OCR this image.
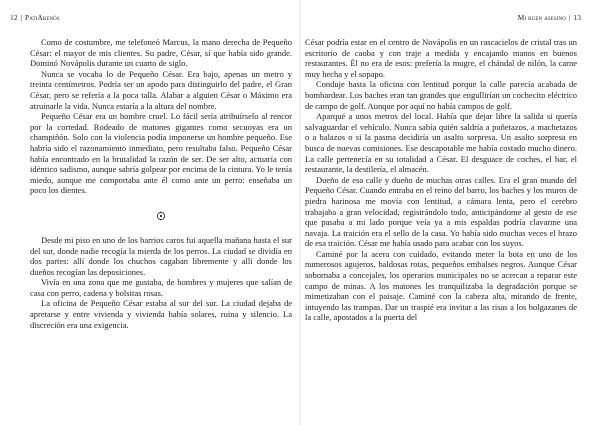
12 | PatiArenós

Como de costumbre, me telefoneó Marcus, la mano derecha de Pequeño César: el mayor de mis clientes. Su padre, César, sí que había sido grande. Dominó Novápolis durante un cuarto de siglo.

Nunca se vocaba lo de Pequeño César. Era bajo, apenas un metro y treinta centímetros. Podría ser un apodo para distinguirlo del padre, el Gran César, pero se refería a la poca talla. Alabar a alguien César o Máximo era atruinarle la vida. Nunca estaría a la altura del nombre.

Pequeño César era un hombre cruel. Lo fácil sería atribuírselo al rencor por la cortedad. Rodeado de matones gigantes como secuoyas era un champiñón. Solo con la violencia podía imponerse un hombre pequeño. Ese habría sido el razonamiento inmediato, pero resultaba falso. Pequeño César había encontrado en la brutalidad la razón de ser. De ser alto, actuaría con idéntico sadismo, aunque sabría golpear por encima de la cintura. Yo le tenía miedo, aunque me comportaba ante él como ante un perro: enseñaba un poco los dientes.

Desde mi piso en uno de los barrios caros fui aquella mañana hasta el sur del sur, donde nadie recogía la mierda de los perros. La ciudad se dividía en dos partes: allí donde los chuchos cagaban libremente y allí donde los dueños recogían las deposiciones.

Vivía en una zona que me gustaba, de hombres y mujeres que salían de casa con perro, cadena y bolsitas rosas.

La oficina de Pequeño César estaba al sur del sur. La ciudad dejaba de apretarse y entre vivienda y vivienda había solares, ruina y silencio. La discreción era una exigencia.

Mi buen asesino | 13

César podría estar en el centro de Novápolis en un rascacielos de cristal tras un escritorio de caoba y con traje a medida y encajando manos en buenos restaurantes. Él no era de esos: prefería la mugre, el chándal de nilón, la carne muy hecha y el sopapo.

Conduje hasta la oficina con lentitud porque la calle parecía acabada de bombardear. Los baches eran tan grandes que engullirían un cochecito eléctrico de campo de golf. Aunque por aquí no había campos de golf.

Aparqué a unos metros del local. Había que dejar libre la salida si quería salvaguardar el vehículo. Nunca sabía quién saldría a puñetazos, a machetazos o a balazos o si la pasma decidiría un asalto sorpresa. Un asalto sorpresa en busca de nuevas comisiones. Ese descapotable me había costado mucho dinero. La calle pertenecía en su totalidad a César. El desguace de coches, el bar, el restaurante, la destilería, el almacén.

Dueño de esa calle y dueño de muchas otras calles. Era el gran mundo del Pequeño César. Cuando entraba en el reino del barro, los baches y los muros de piedra harinosa me movía con lentitud, a cámara lenta, pero el cerebro trabajaba a gran velocidad, registrándolo todo, anticipándome al gesto de ese que pasaba a mi lado porque veía ya a mis espaldas podría clavarme una navaja. La traición era el sello de la casa. Yo había sido muchas veces el brazo de esa traición. César me había usado para acabar con los suyos.

Caminé por la acera con cuidado, evitando meter la bota en uno de los numerosos agujeros, baldosas rotas, pequeños embalses negros. Aunque César sobornaba a concejales, los operarios municipales no se acercan a reparar este campo de minas. A los matones les tranquilizaba la degradación porque se mimetizaban con el paisaje. Caminé con la cabeza alta, mirando de frente, intuyendo las trampas. Dar un traspié era invitar a las risas a los holgazanes de la calle, apostados a la puerta del
